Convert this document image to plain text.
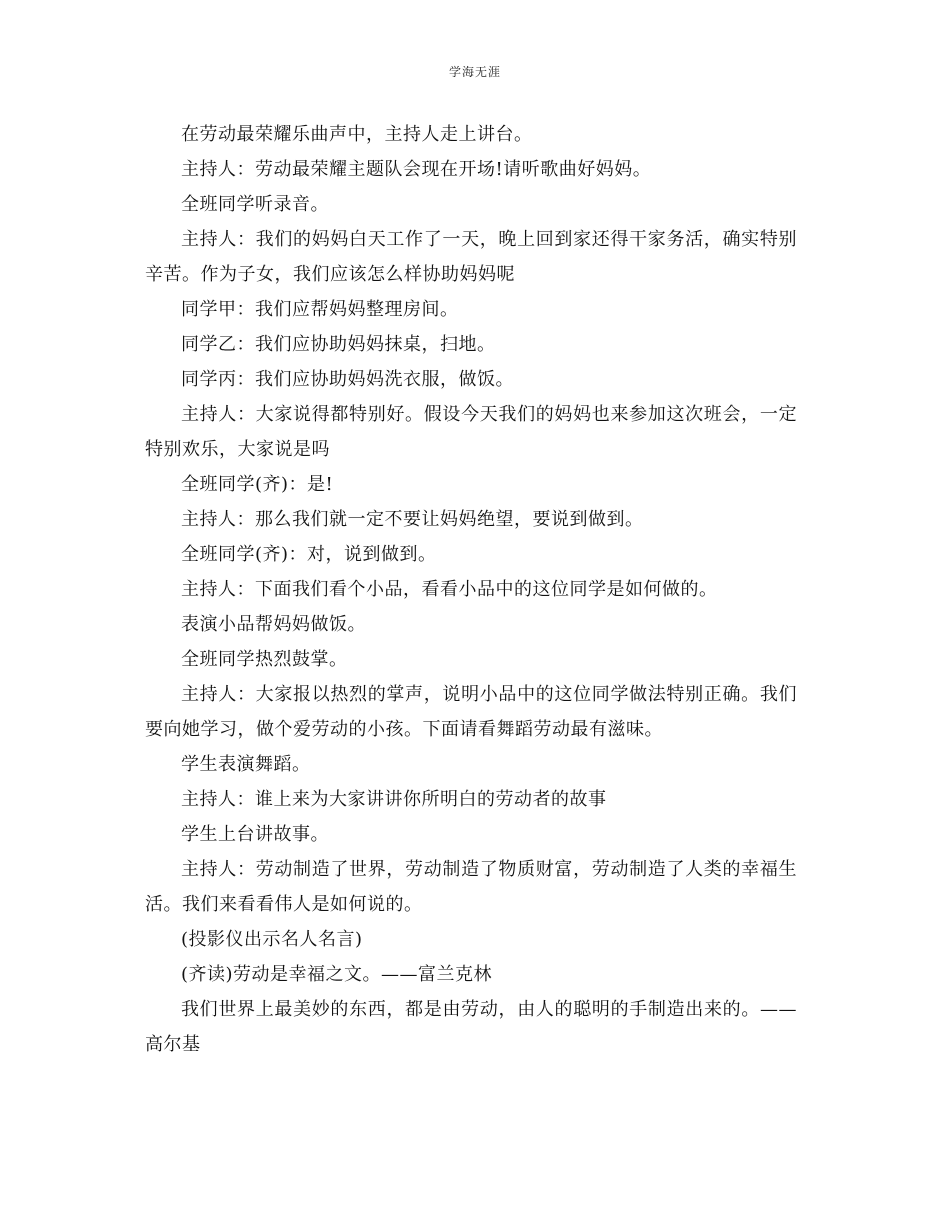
学海无涯

在劳动最荣耀乐曲声中，主持人走上讲台。

主持人：劳动最荣耀主题队会现在开场!请听歌曲好妈妈。

全班同学听录音。

主持人：我们的妈妈白天工作了一天，晚上回到家还得干家务活，确实特别辛苦。作为子女，我们应该怎么样协助妈妈呢

同学甲：我们应帮妈妈整理房间。

同学乙：我们应协助妈妈抹桌，扫地。

同学丙：我们应协助妈妈洗衣服，做饭。

主持人：大家说得都特别好。假设今天我们的妈妈也来参加这次班会，一定特别欢乐，大家说是吗

全班同学(齐)：是!

主持人：那么我们就一定不要让妈妈绝望，要说到做到。

全班同学(齐)：对，说到做到。

主持人：下面我们看个小品，看看小品中的这位同学是如何做的。

表演小品帮妈妈做饭。

全班同学热烈鼓掌。

主持人：大家报以热烈的掌声，说明小品中的这位同学做法特别正确。我们要向她学习，做个爱劳动的小孩。下面请看舞蹈劳动最有滋味。

学生表演舞蹈。

主持人：谁上来为大家讲讲你所明白的劳动者的故事

学生上台讲故事。

主持人：劳动制造了世界，劳动制造了物质财富，劳动制造了人类的幸福生活。我们来看看伟人是如何说的。

(投影仪出示名人名言)

(齐读)劳动是幸福之文。——富兰克林

我们世界上最美妙的东西，都是由劳动，由人的聪明的手制造出来的。——高尔基
